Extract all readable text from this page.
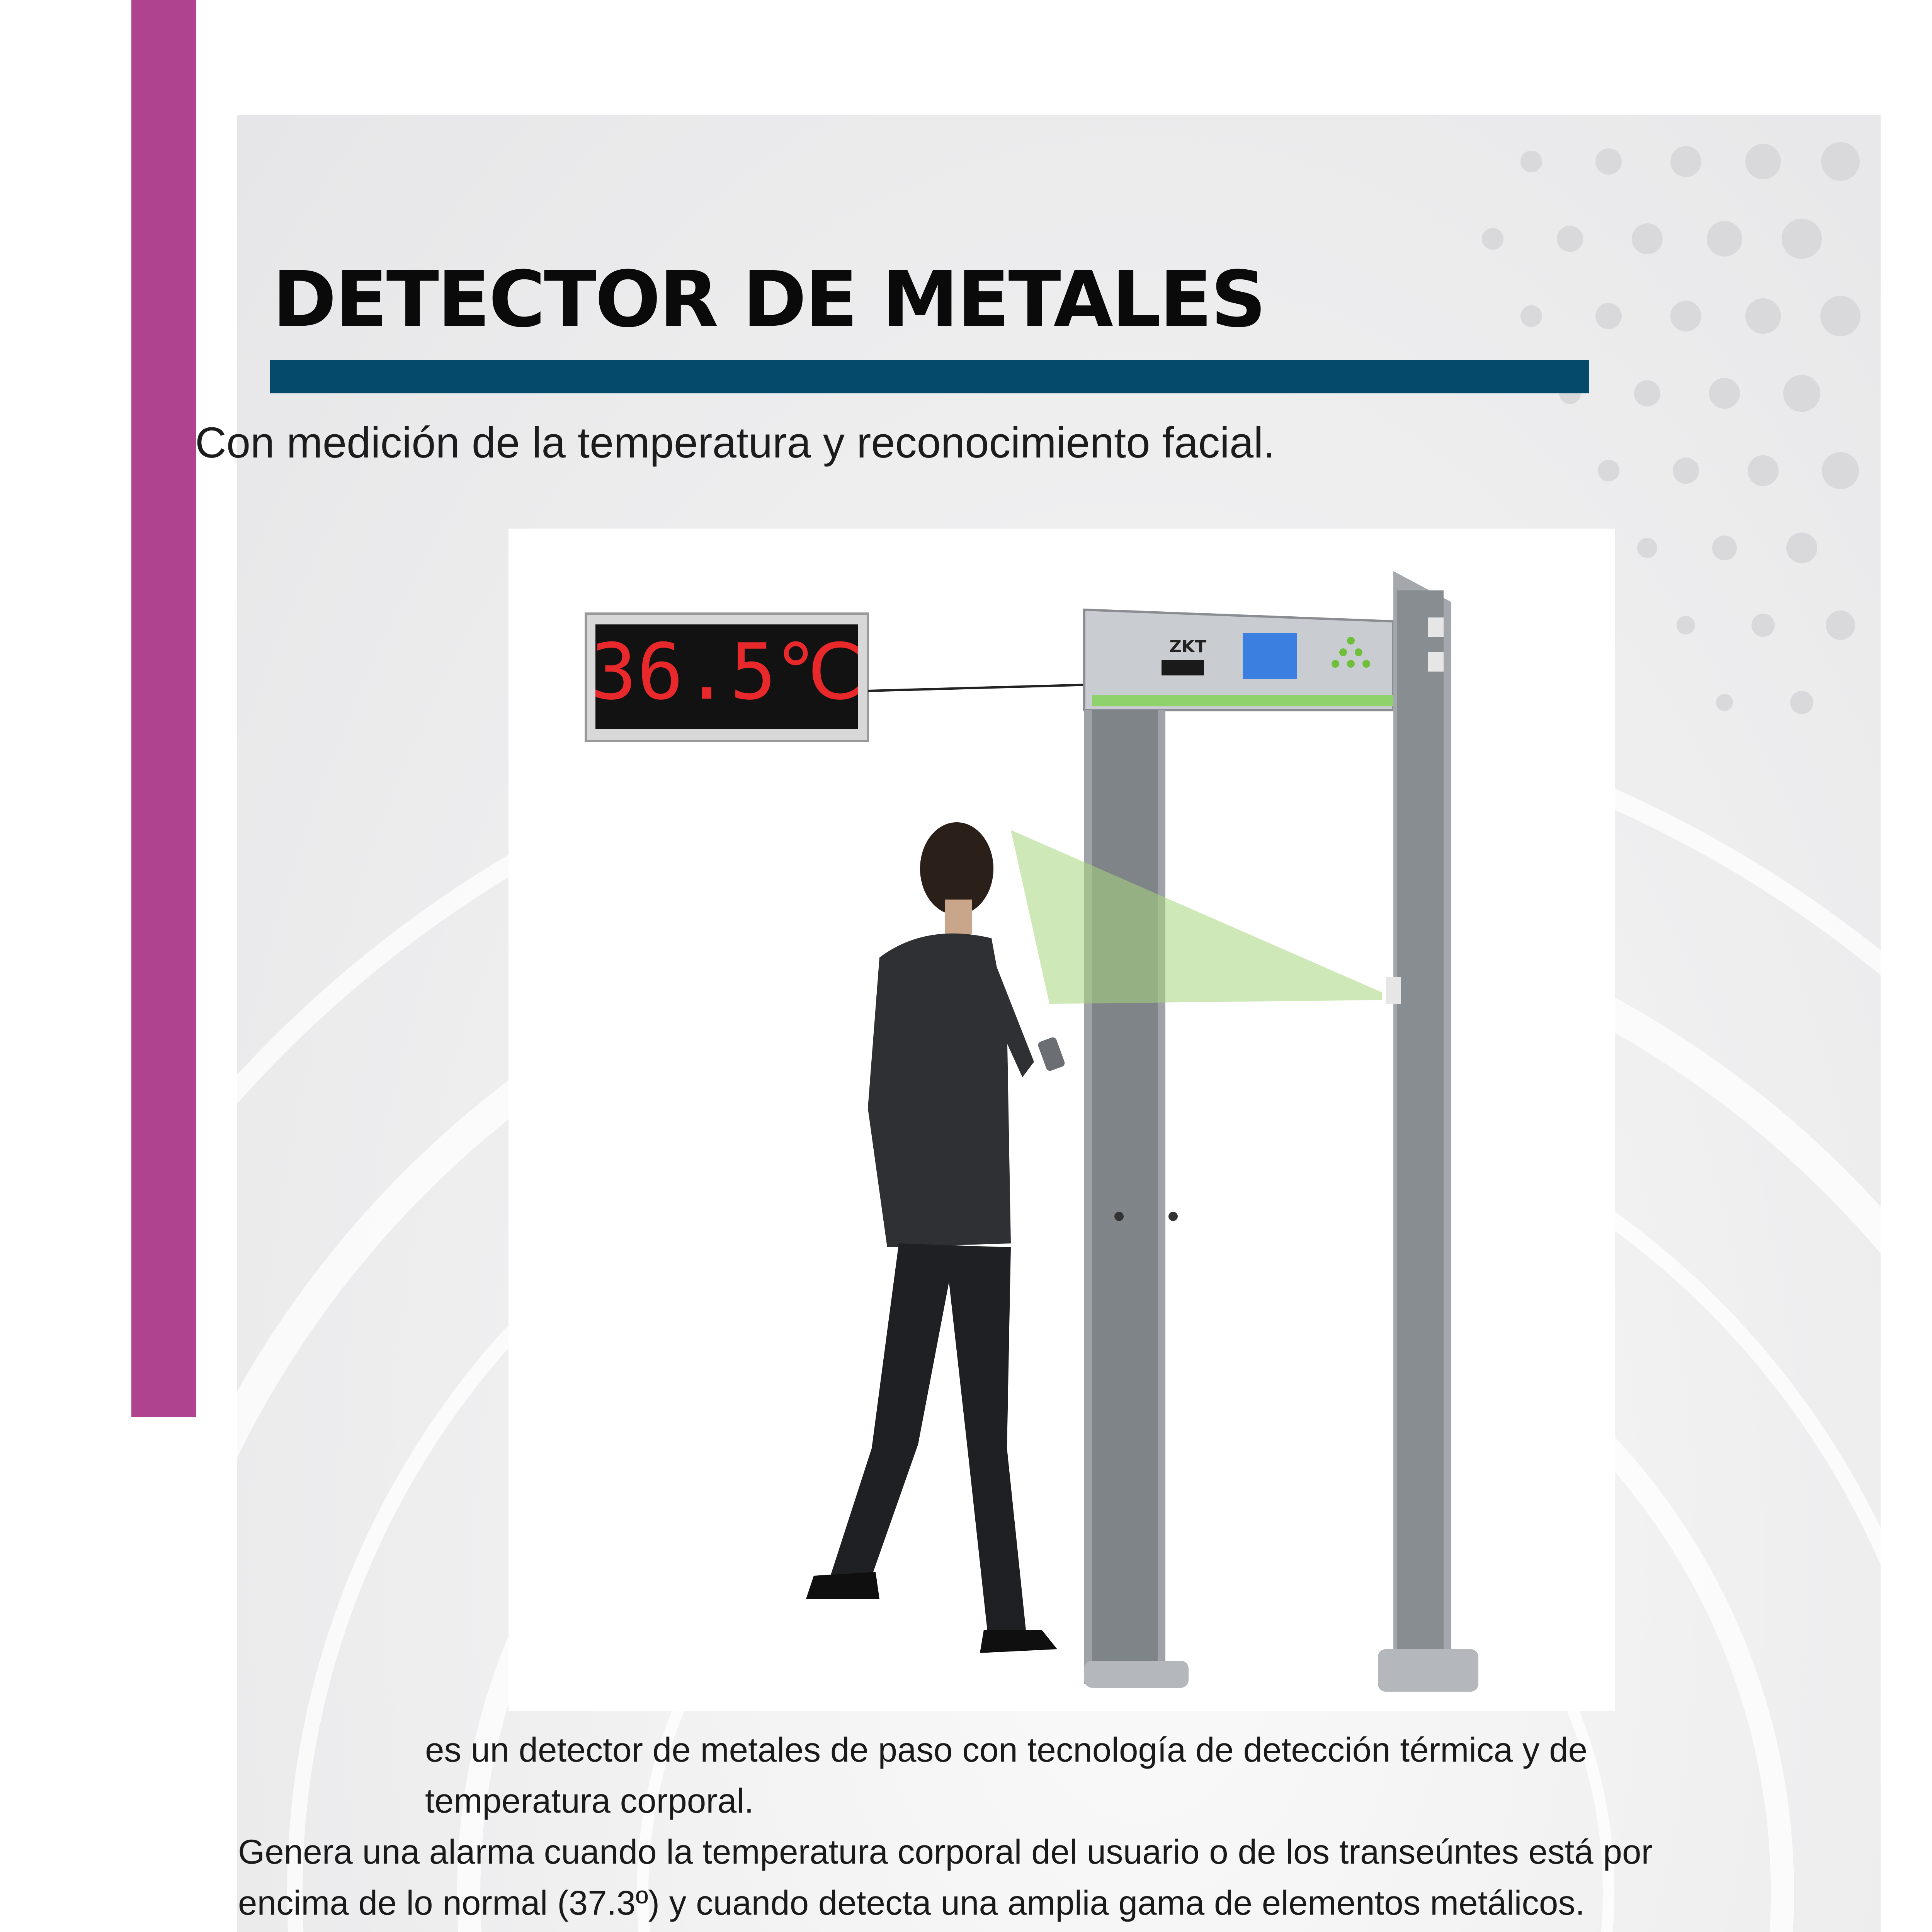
DETECTOR DE METALES
Con medición de la temperatura y reconocimiento facial.
36.5℃	ZKT

es un detector de metales de paso con tecnología de detección térmica y de temperatura corporal.

Genera una alarma cuando la temperatura corporal del usuario o de los transeúntes está por encima de lo normal (37.3º) y cuando detecta una amplia gama de elementos metálicos.
